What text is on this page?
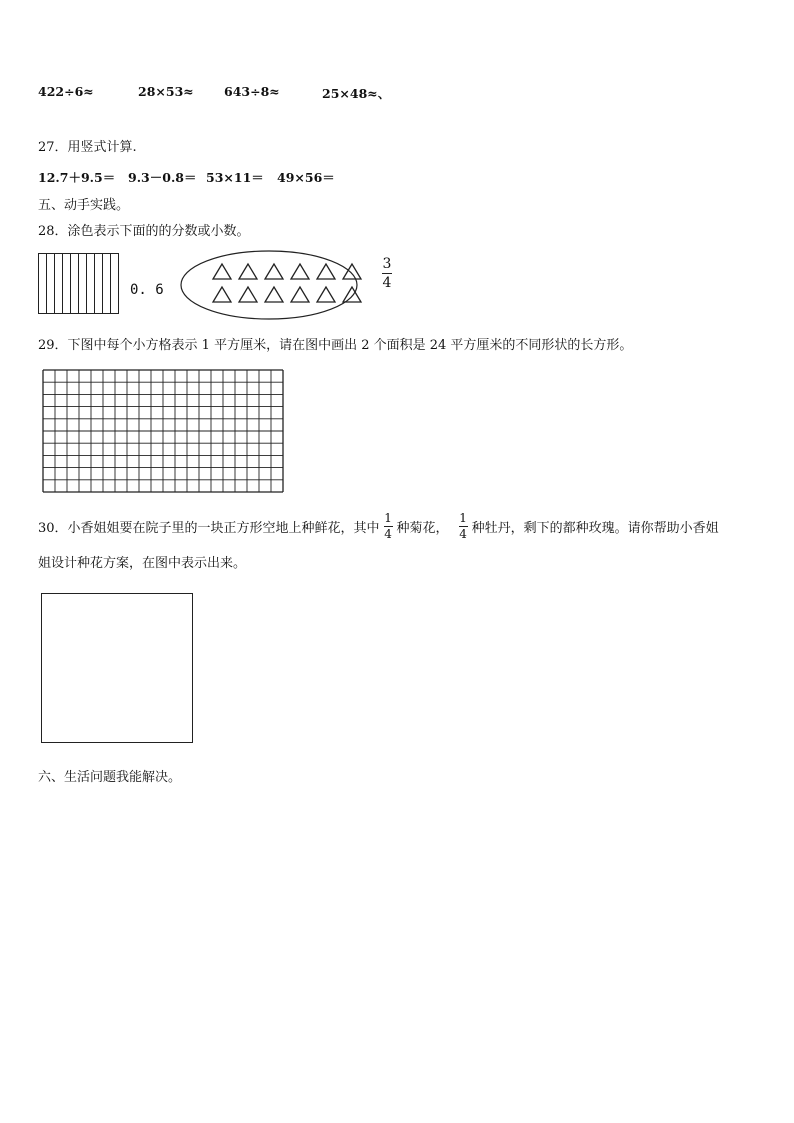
422÷6≈	28×53≈ 643÷8≈	25×48≈、
27．用竖式计算.
12.7＋9.5＝ 9.3－0.8＝ 53×11＝ 49×56＝
五、动手实践。
28．涂色表示下面的的分数或小数。
0. 6
3
4
29．下图中每个小方格表示 1 平方厘米，请在图中画出 2 个面积是 24 平方厘米的不同形状的长方形。
30．小香姐姐要在院子里的一块正方形空地上种鲜花，其中
1
4 种菊花，
1
4 种牡丹，剩下的都种玫瑰。请你帮助小香姐
姐设计种花方案，在图中表示出来。
六、生活问题我能解决。
